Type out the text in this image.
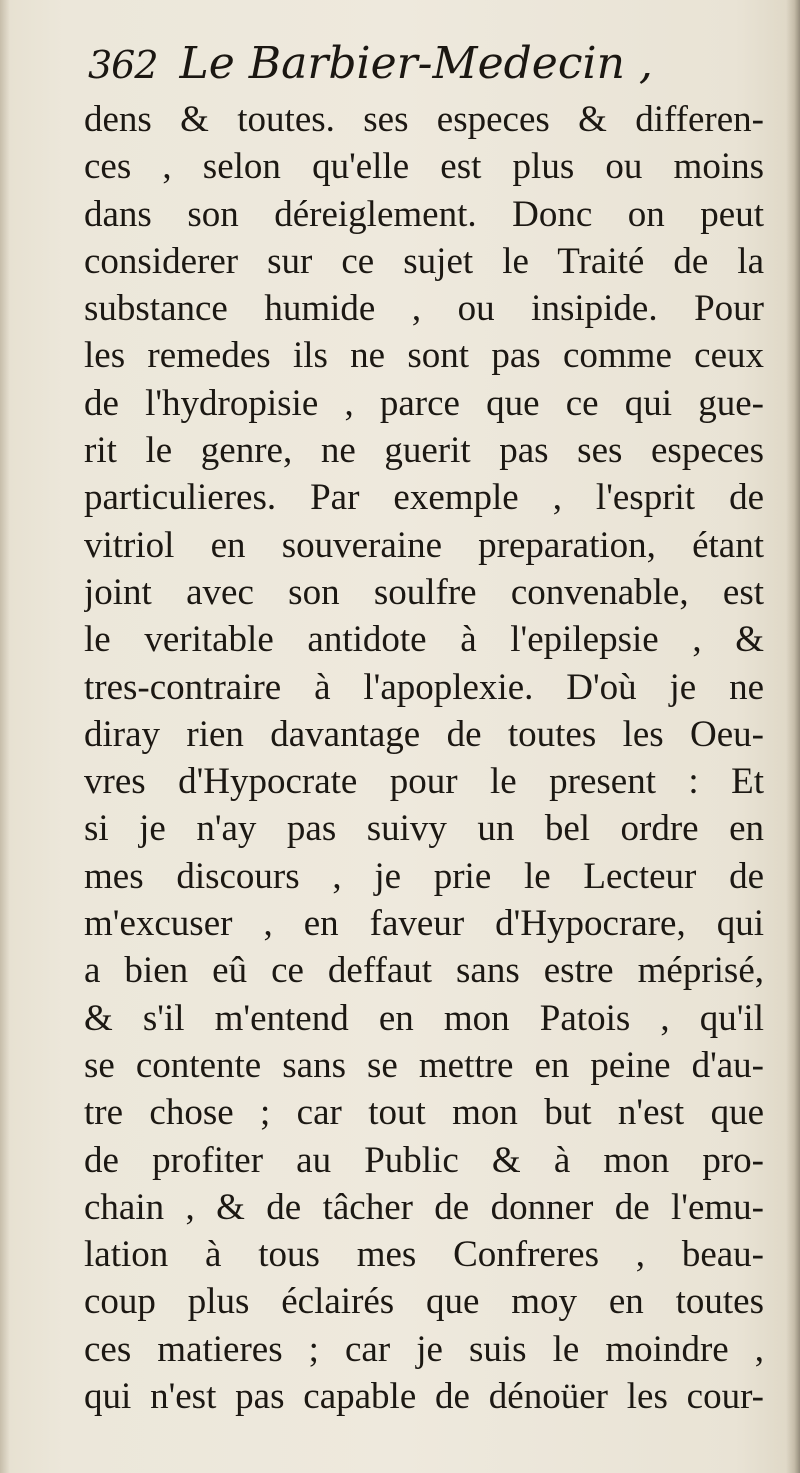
362 Le Barbier-Medecin ,
dens & toutes. ses especes & differen-
ces , selon qu'elle est plus ou moins
dans son déreiglement. Donc on peut
considerer sur ce sujet le Traité de la
substance humide , ou insipide. Pour
les remedes ils ne sont pas comme ceux
de l'hydropisie , parce que ce qui gue-
rit le genre, ne guerit pas ses especes
particulieres. Par exemple , l'esprit de
vitriol en souveraine preparation, étant
joint avec son soulfre convenable, est
le veritable antidote à l'epilepsie , &
tres-contraire à l'apoplexie. D'où je ne
diray rien davantage de toutes les Oeu-
vres d'Hypocrate pour le present : Et
si je n'ay pas suivy un bel ordre en
mes discours , je prie le Lecteur de
m'excuser , en faveur d'Hypocrare, qui
a bien eû ce deffaut sans estre méprisé,
& s'il m'entend en mon Patois , qu'il
se contente sans se mettre en peine d'au-
tre chose ; car tout mon but n'est que
de profiter au Public & à mon pro-
chain , & de tâcher de donner de l'emu-
lation à tous mes Confreres , beau-
coup plus éclairés que moy en toutes
ces matieres ; car je suis le moindre ,
qui n'est pas capable de dénoüer les cour-
